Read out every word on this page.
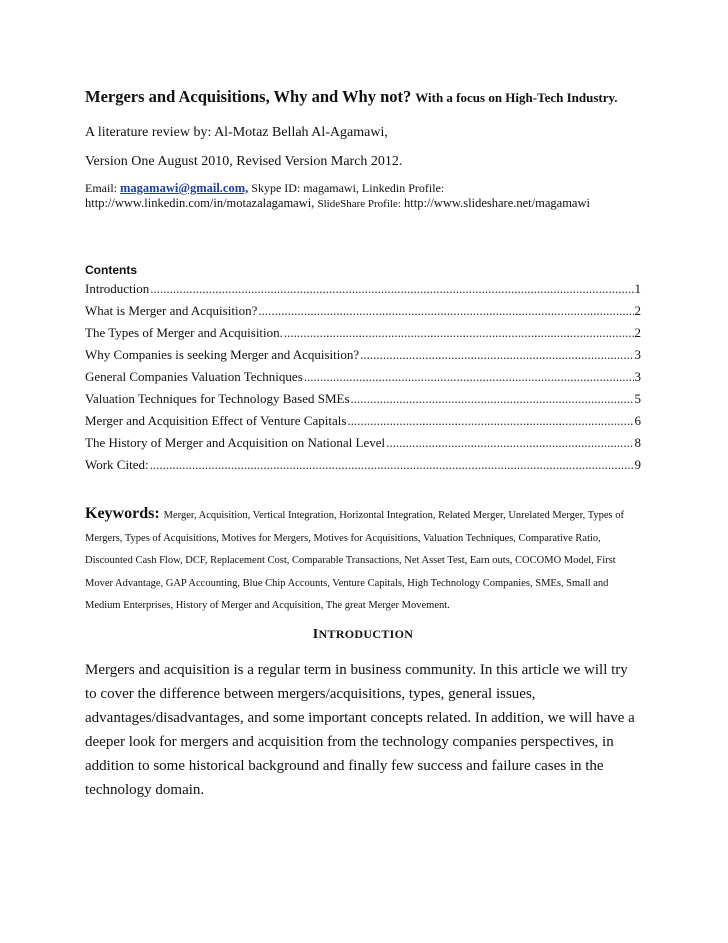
Mergers and Acquisitions, Why and Why not? With a focus on High-Tech Industry.
A literature review by: Al-Motaz Bellah Al-Agamawi,
Version One August 2010, Revised Version March 2012.
Email: magamawi@gmail.com, Skype ID: magamawi, Linkedin Profile:
http://www.linkedin.com/in/motazalagamawi, SlideShare Profile: http://www.slideshare.net/magamawi
Contents
Introduction .....	1
What is Merger and Acquisition? .....	2
The Types of Merger and Acquisition. .....	2
Why Companies is seeking Merger and Acquisition? .....	3
General Companies Valuation Techniques .....	3
Valuation Techniques for Technology Based SMEs .....	5
Merger and Acquisition Effect of Venture Capitals .....	6
The History of Merger and Acquisition on National Level .....	8
Work Cited: .....	9
Keywords: Merger, Acquisition, Vertical Integration, Horizontal Integration, Related Merger, Unrelated Merger, Types of Mergers, Types of Acquisitions, Motives for Mergers, Motives for Acquisitions, Valuation Techniques, Comparative Ratio, Discounted Cash Flow, DCF, Replacement Cost, Comparable Transactions, Net Asset Test, Earn outs, COCOMO Model, First Mover Advantage, GAP Accounting, Blue Chip Accounts, Venture Capitals, High Technology Companies, SMEs, Small and Medium Enterprises, History of Merger and Acquisition, The great Merger Movement.
INTRODUCTION

Mergers and acquisition is a regular term in business community. In this article we will try to cover the difference between mergers/acquisitions, types, general issues, advantages/disadvantages, and some important concepts related. In addition, we will have a deeper look for mergers and acquisition from the technology companies perspectives, in addition to some historical background and finally few success and failure cases in the technology domain.
